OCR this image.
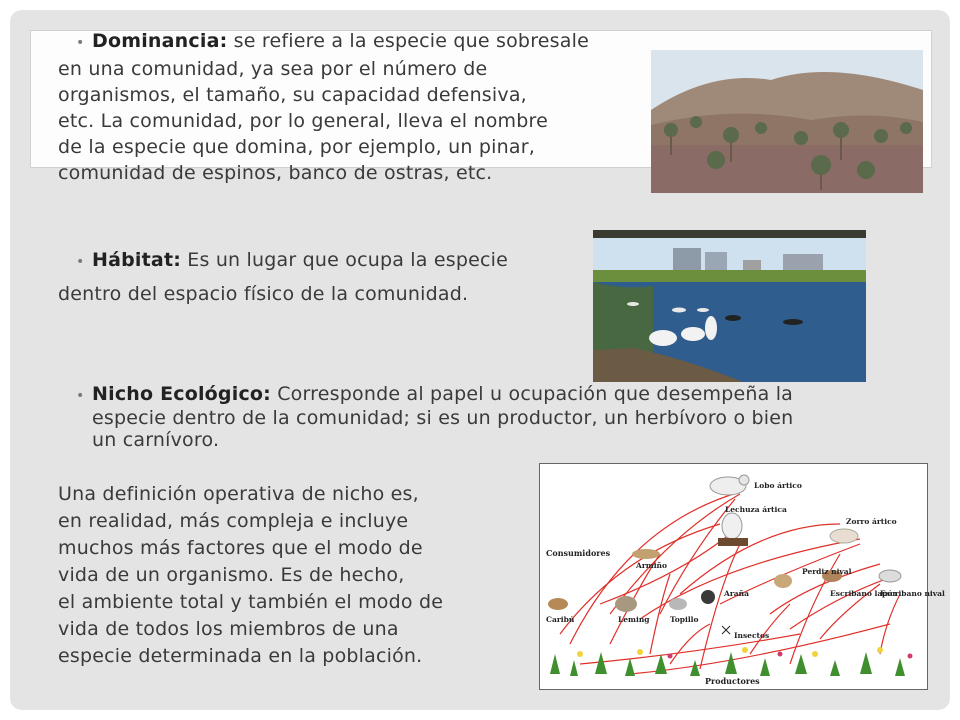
• Dominancia: se refiere a la especie que sobresale
en una comunidad, ya sea por el número de
organismos, el tamaño, su capacidad defensiva,
etc. La comunidad, por lo general, lleva el nombre
de la especie que domina, por ejemplo, un pinar,
comunidad de espinos, banco de ostras, etc.
• Hábitat: Es un lugar que ocupa la especie
dentro del espacio físico de la comunidad.
• Nicho Ecológico: Corresponde al papel u ocupación que desempeña la
especie dentro de la comunidad; si es un productor, un herbívoro o bien
un carnívoro.
Una definición operativa de nicho es,
en realidad, más compleja e incluye
muchos más factores que el modo de
vida de un organismo. Es de hecho,
el ambiente total y también el modo de
vida de todos los miembros de una
especie determinada en la población.
Consumidores
Productores
Lobo ártico
Lechuza ártica
Zorro ártico
Armiño
Perdiz nival
Escribano lapón
Escribano nival
Araña
Caribú	Leming	Topillo
Insectos
